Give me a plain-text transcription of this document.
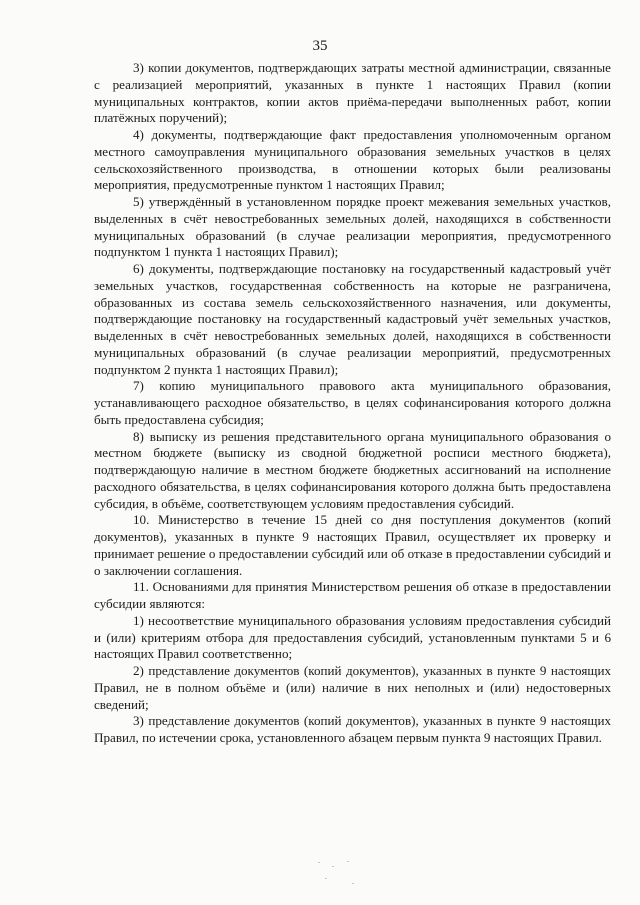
35

3) копии документов, подтверждающих затраты местной администрации, связанные с реализацией мероприятий, указанных в пункте 1 настоящих Правил (копии муниципальных контрактов, копии актов приёма-передачи выполненных работ, копии платёжных поручений);

4) документы, подтверждающие факт предоставления уполномоченным органом местного самоуправления муниципального образования земельных участков в целях сельскохозяйственного производства, в отношении которых были реализованы мероприятия, предусмотренные пунктом 1 настоящих Правил;

5) утверждённый в установленном порядке проект межевания земельных участков, выделенных в счёт невостребованных земельных долей, находящихся в собственности муниципальных образований (в случае реализации мероприятия, предусмотренного подпунктом 1 пункта 1 настоящих Правил);

6) документы, подтверждающие постановку на государственный кадастровый учёт земельных участков, государственная собственность на которые не разграничена, образованных из состава земель сельскохозяйственного назначения, или документы, подтверждающие постановку на государственный кадастровый учёт земельных участков, выделенных в счёт невостребованных земельных долей, находящихся в собственности муниципальных образований (в случае реализации мероприятий, предусмотренных подпунктом 2 пункта 1 настоящих Правил);

7) копию муниципального правового акта муниципального образования, устанавливающего расходное обязательство, в целях софинансирования которого должна быть предоставлена субсидия;

8) выписку из решения представительного органа муниципального образования о местном бюджете (выписку из сводной бюджетной росписи местного бюджета), подтверждающую наличие в местном бюджете бюджетных ассигнований на исполнение расходного обязательства, в целях софинансирования которого должна быть предоставлена субсидия, в объёме, соответствующем условиям предоставления субсидий.

10. Министерство в течение 15 дней со дня поступления документов (копий документов), указанных в пункте 9 настоящих Правил, осуществляет их проверку и принимает решение о предоставлении субсидий или об отказе в предоставлении субсидий и о заключении соглашения.

11. Основаниями для принятия Министерством решения об отказе в предоставлении субсидии являются:

1) несоответствие муниципального образования условиям предоставления субсидий и (или) критериям отбора для предоставления субсидий, установленным пунктами 5 и 6 настоящих Правил соответственно;

2) представление документов (копий документов), указанных в пункте 9 настоящих Правил, не в полном объёме и (или) наличие в них неполных и (или) недостоверных сведений;

3) представление документов (копий документов), указанных в пункте 9 настоящих Правил, по истечении срока, установленного абзацем первым пункта 9 настоящих Правил.
